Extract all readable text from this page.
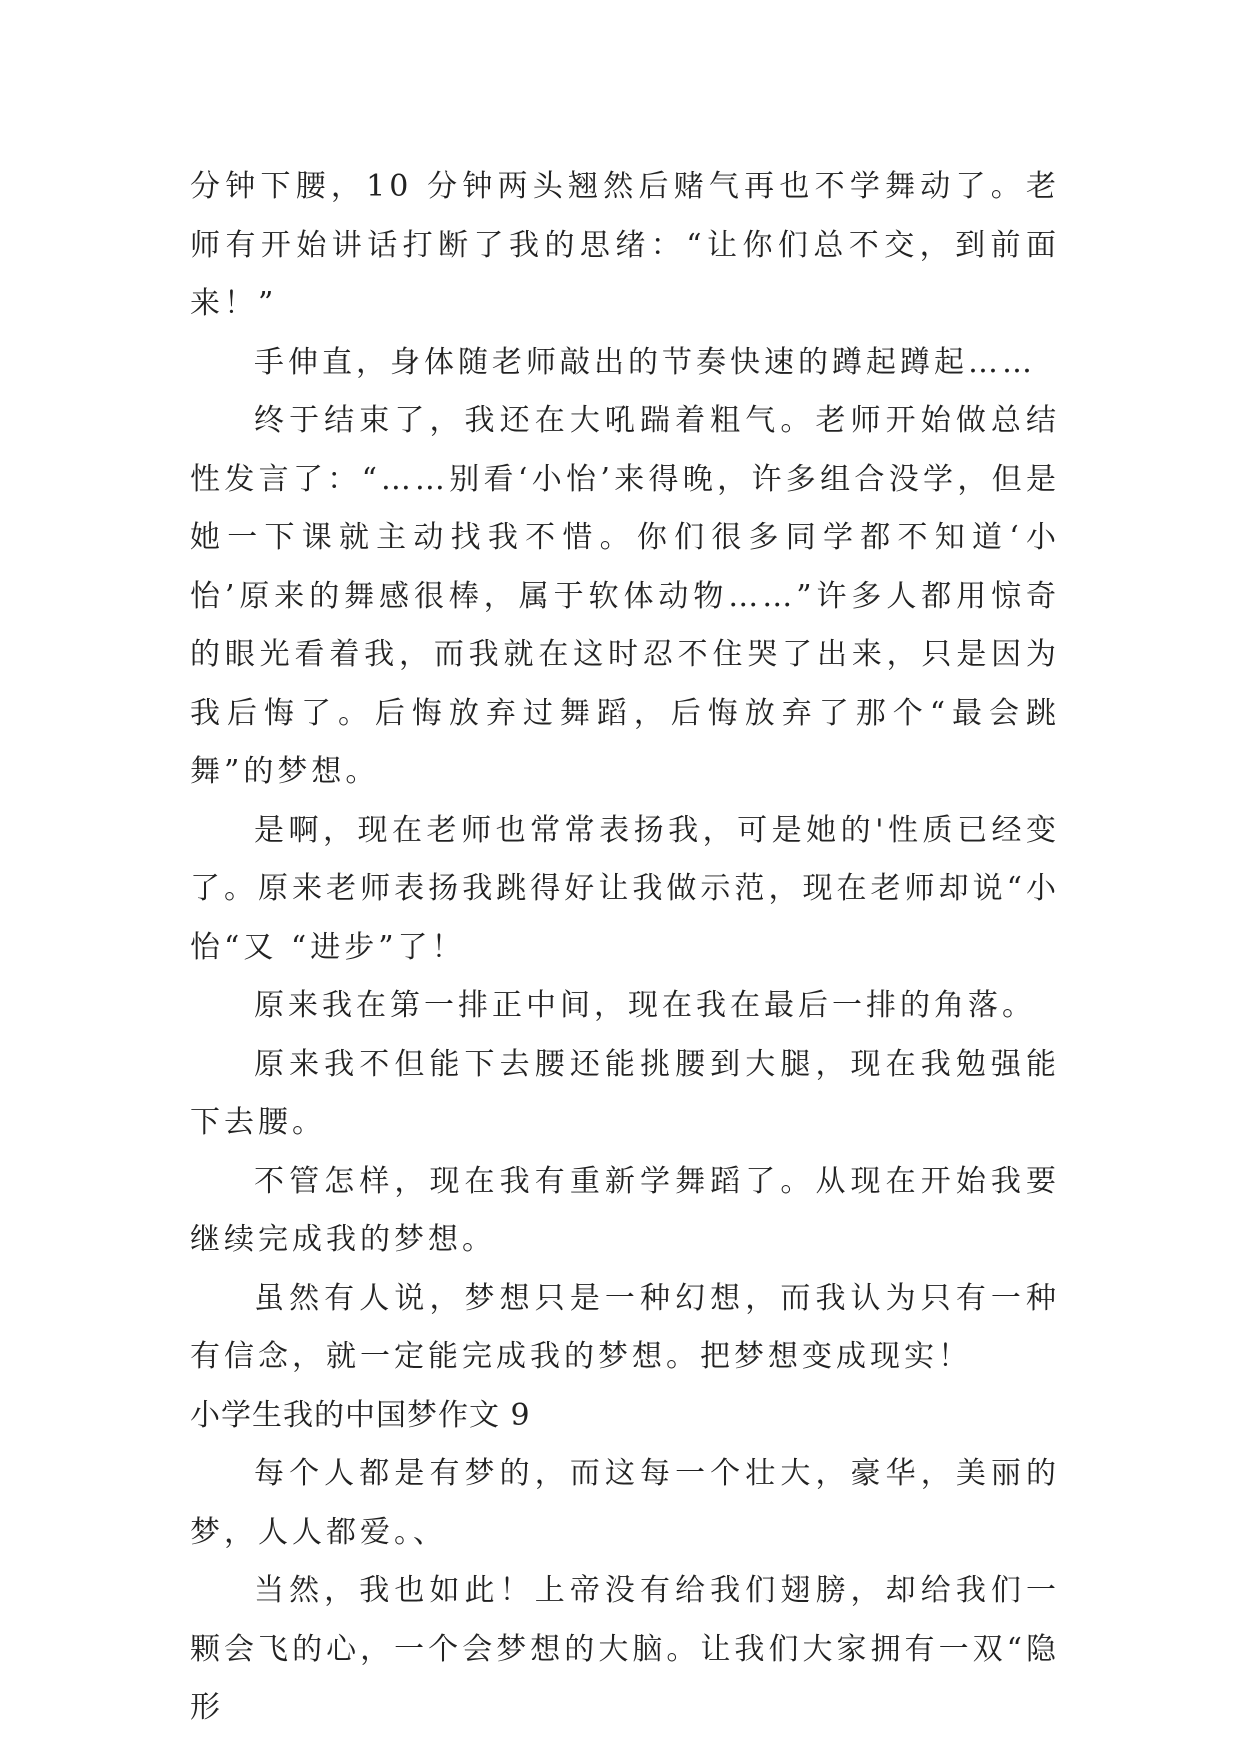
分钟下腰，10 分钟两头翘然后赌气再也不学舞动了。老师有开始讲话打断了我的思绪：“让你们总不交，到前面来！”

手伸直，身体随老师敲出的节奏快速的蹲起蹲起……

终于结束了，我还在大吼踹着粗气。老师开始做总结性发言了：“……别看‘小怡’来得晚，许多组合没学，但是她一下课就主动找我不惜。你们很多同学都不知道‘小怡’原来的舞感很棒，属于软体动物……”许多人都用惊奇的眼光看着我，而我就在这时忍不住哭了出来，只是因为我后悔了。后悔放弃过舞蹈，后悔放弃了那个“最会跳舞”的梦想。

是啊，现在老师也常常表扬我，可是她的'性质已经变了。原来老师表扬我跳得好让我做示范，现在老师却说“小怡“又 “进步”了！

原来我在第一排正中间，现在我在最后一排的角落。

原来我不但能下去腰还能挑腰到大腿，现在我勉强能下去腰。

不管怎样，现在我有重新学舞蹈了。从现在开始我要继续完成我的梦想。

虽然有人说，梦想只是一种幻想，而我认为只有一种有信念，就一定能完成我的梦想。把梦想变成现实！

小学生我的中国梦作文 9

每个人都是有梦的，而这每一个壮大，豪华，美丽的梦，人人都爱。、

当然，我也如此！上帝没有给我们翅膀，却给我们一颗会飞的心，一个会梦想的大脑。让我们大家拥有一双“隐形
